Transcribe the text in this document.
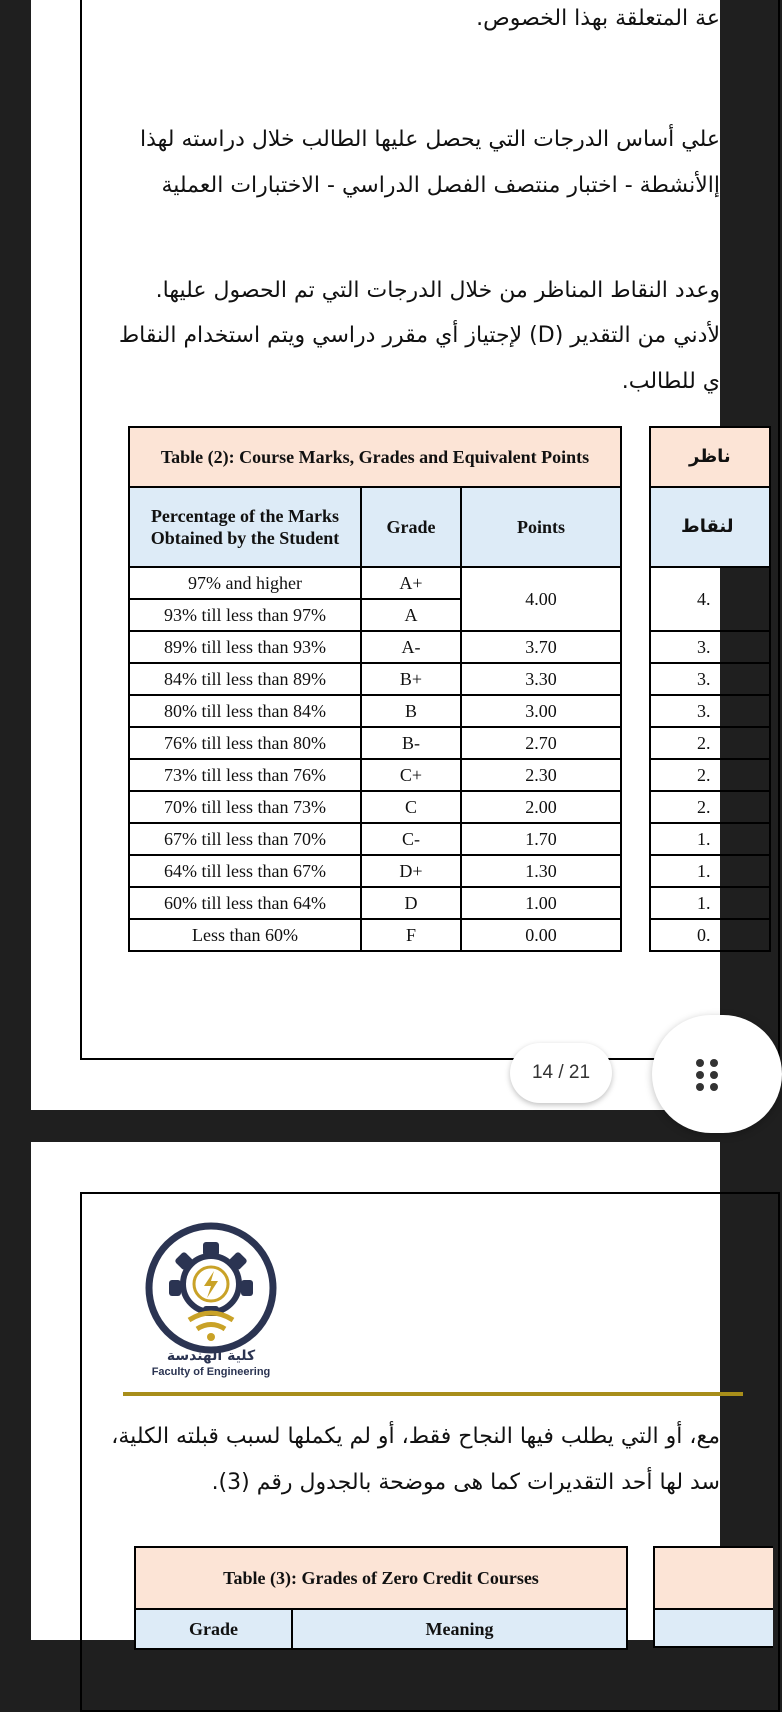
عة المتعلقة بهذا الخصوص.
علي أساس الدرجات التي يحصل عليها الطالب خلال دراسته لهذا
إالأنشطة - اختبار منتصف الفصل الدراسي - الاختبارات العملية
وعدد النقاط المناظر من خلال الدرجات التي تم الحصول عليها.
لأدني من التقدير (D) لإجتياز أي مقرر دراسي ويتم استخدام النقاط
ي للطالب.
Table (2): Course Marks, Grades and Equivalent Points		
Percentage of the Marks Obtained by the Student	Grade	Points
97% and higher	A+	4.00
93% till less than 97%	A	
89% till less than 93%	A-	3.70
84% till less than 89%	B+	3.30
80% till less than 84%	B	3.00
76% till less than 80%	B-	2.70
73% till less than 76%	C+	2.30
70% till less than 73%	C	2.00
67% till less than 70%	C-	1.70
64% till less than 67%	D+	1.30
60% till less than 64%	D	1.00
Less than 60%	F	0.00
ناظر
لنقاط
4.
3.
3.
3.
2.
2.
2.
1.
1.
1.
0.
14 / 21
كلية الهندسة
Faculty of Engineering
مع، أو التي يطلب فيها النجاح فقط، أو لم يكملها لسبب قبلته الكلية،
سد لها أحد التقديرات كما هى موضحة بالجدول رقم (3).
Table (3): Grades of Zero Credit Courses
Grade	Meaning
